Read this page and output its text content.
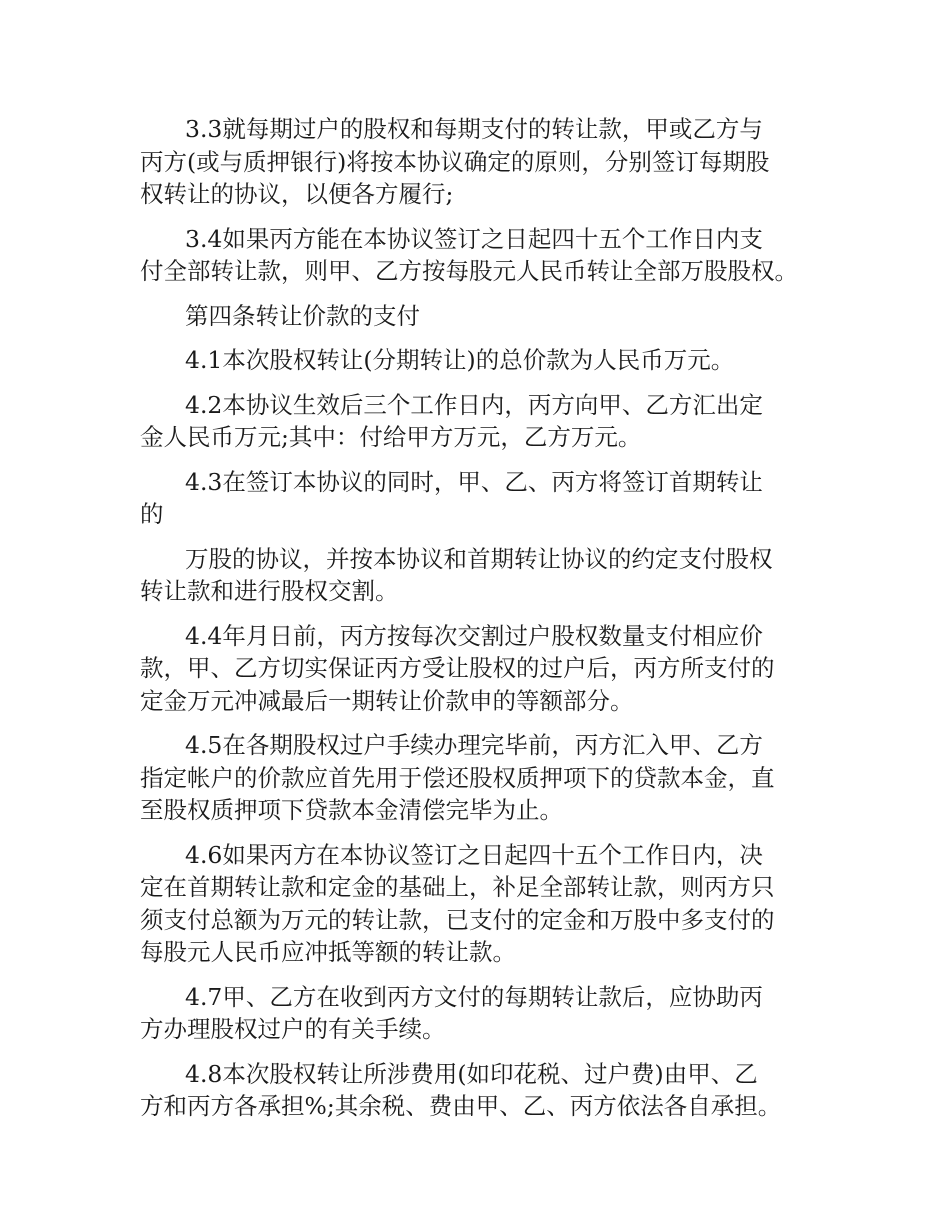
3.3就每期过户的股权和每期支付的转让款，甲或乙方与
丙方(或与质押银行)将按本协议确定的原则，分别签订每期股
权转让的协议，以便各方履行;

3.4如果丙方能在本协议签订之日起四十五个工作日内支
付全部转让款，则甲、乙方按每股元人民币转让全部万股股权。

第四条转让价款的支付

4.1本次股权转让(分期转让)的总价款为人民币万元。

4.2本协议生效后三个工作日内，丙方向甲、乙方汇出定
金人民币万元;其中：付给甲方万元，乙方万元。

4.3在签订本协议的同时，甲、乙、丙方将签订首期转让
的

万股的协议，并按本协议和首期转让协议的约定支付股权
转让款和进行股权交割。

4.4年月日前，丙方按每次交割过户股权数量支付相应价
款，甲、乙方切实保证丙方受让股权的过户后，丙方所支付的
定金万元冲减最后一期转让价款申的等额部分。

4.5在各期股权过户手续办理完毕前，丙方汇入甲、乙方
指定帐户的价款应首先用于偿还股权质押项下的贷款本金，直
至股权质押项下贷款本金清偿完毕为止。

4.6如果丙方在本协议签订之日起四十五个工作日内，决
定在首期转让款和定金的基础上，补足全部转让款，则丙方只
须支付总额为万元的转让款，已支付的定金和万股中多支付的
每股元人民币应冲抵等额的转让款。

4.7甲、乙方在收到丙方文付的每期转让款后，应协助丙
方办理股权过户的有关手续。

4.8本次股权转让所涉费用(如印花税、过户费)由甲、乙
方和丙方各承担%;其余税、费由甲、乙、丙方依法各自承担。
